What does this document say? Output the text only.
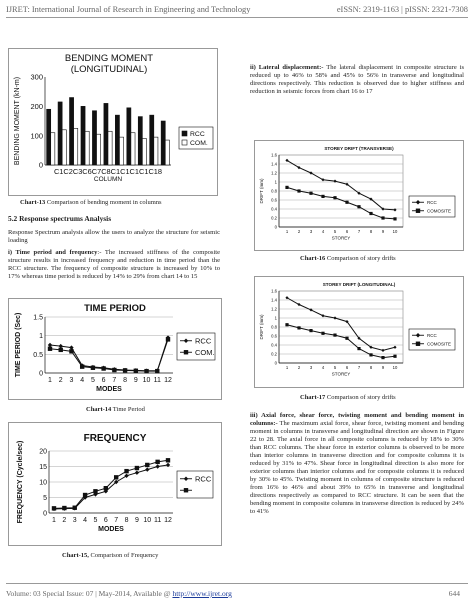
IJRET: International Journal of Research in Engineering and Technology	eISSN: 2319-1163 | pISSN: 2321-7308
BENDING MOMENT
(LONGITUDINAL)
0
100
200
300
C1C2C3C6C7C8C1C1C1C1C18
COLUMN
BENDING MOMENT (kN-m)	RCC
COM.
Chart-13 Comparison of bending moment in columns
5.2 Response spectrums Analysis
Response Spectrum analysis allow the users to analyze the structure for seismic loading
i) Time period and frequency:- The increased stiffness of the composite structure results in increased frequency and reduction in time period than the RCC structure. The frequency of composite structure is increased by 10% to 17% whereas time period is reduced by 14% to 29% from chart 14 to 15
TIME PERIOD
0
0.5
1
1.5
1 2 3 4 5 6 7 8 9 10 11 12
MODES
TIME PERIOD (Sec)	RCC
COM.
Chart-14 Time Period
FREQUENCY
0
5
10
15
20
1 2 3 4 5 6 7 8 9 10 11 12
MODES
FREQUENCY (Cycle/sec)	RCC
Chart-15, Comparison of Frequency
ii) Lateral displacement:- The lateral displacement in composite structure is reduced up to 46% to 58% and 45% to 56% in transverse and longitudinal directions respectively. This reduction is observed due to higher stiffness and reduction in seismic forces from chart 16 to 17
STOREY DRIFT (TRANSVERSE)
0
0.2
0.4
0.6
0.8
1
1.2
1.4
1.6
1 2 3 4 5 6 7 8 9 10
STOREY
DRIFT (mm)	RCC
COMOSITE
Chart-16 Comparison of story drifts
STOREY DRIFT (LONGITUDINAL)
0
0.2
0.4
0.6
0.8
1
1.2
1.4
1.6
1 2 3 4 5 6 7 8 9 10
STOREY
DRIFT (mm)	RCC
COMOSITE
Chart-17 Comparison of story drifts
iii) Axial force, shear force, twisting moment and bending moment in columns:- The maximum axial force, shear force, twisting moment and bending moment in columns in transverse and longitudinal direction are shown in Figure 22 to 28. The axial force in all composite columns is reduced by 18% to 30% than RCC columns. The shear force in exterior columns is observed to be more than interior columns in transverse direction and for composite columns it is reduced by 31% to 47%. Shear force in longitudinal direction is also more for exterior columns than interior columns and for composite columns it is reduced by 30% to 45%. Twisting moment in columns of composite structure is reduced from 16% to 46% and about 39% to 65% in transverse and longitudinal directions respectively as compared to RCC structure. It can be seen that the bending moment in composite columns in transverse direction is reduced by 24% to 41%
Volume: 03 Special Issue: 07 | May-2014, Available @ http://www.ijret.org	644
